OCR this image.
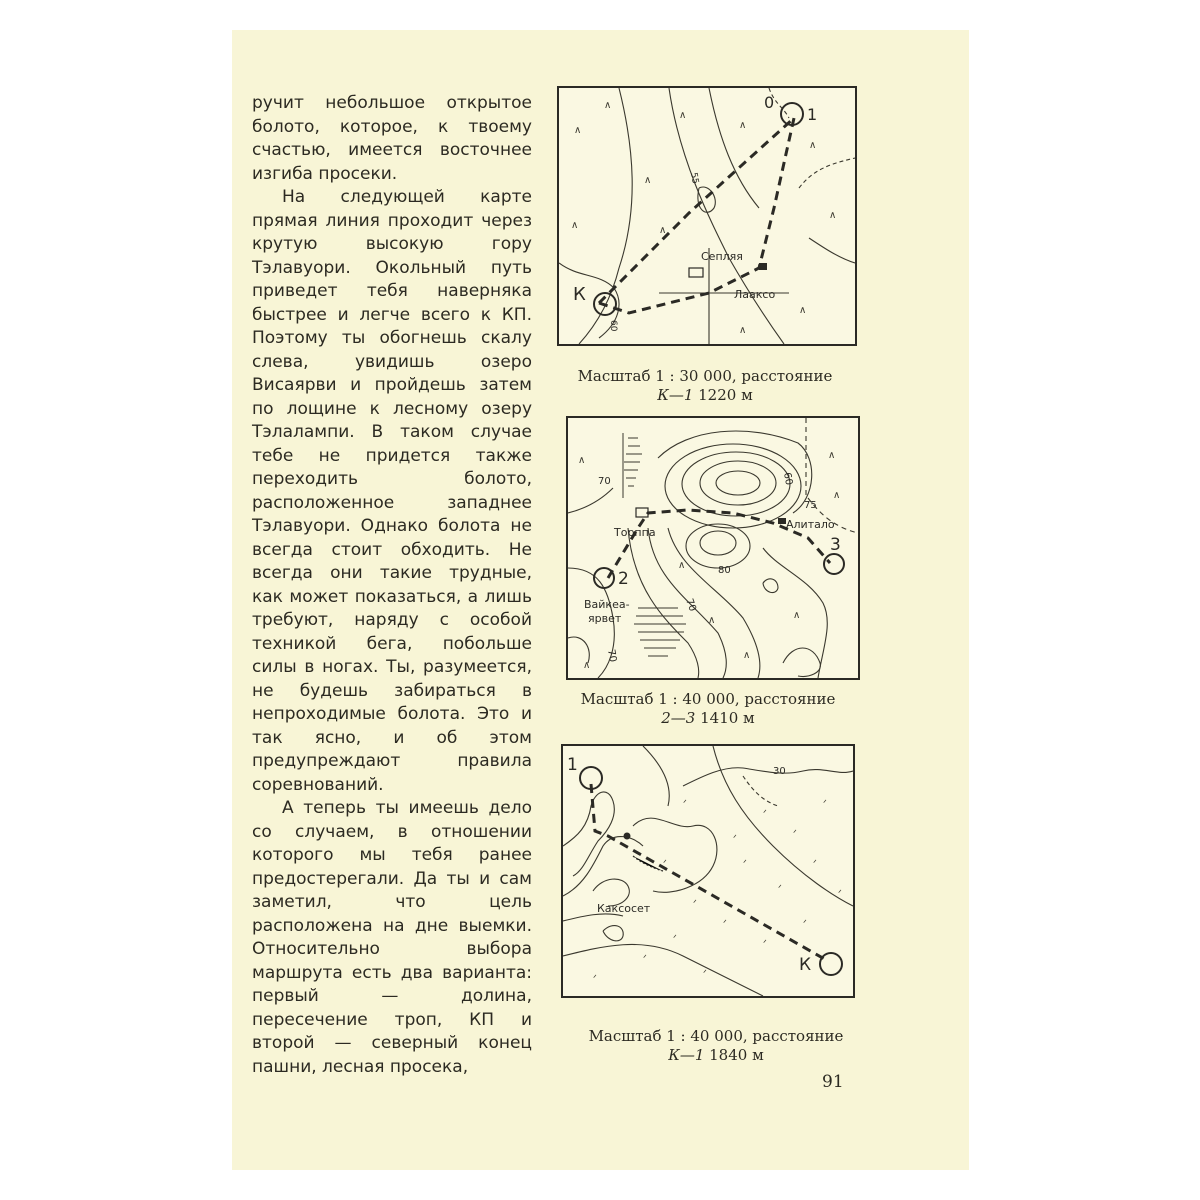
ручит небольшое открытое болото, которое, к твоему счастью, имеется восточнее изгиба просеки.

На следующей карте прямая линия проходит через крутую высокую гору Тэлавуори. Окольный путь приведет тебя наверняка быстрее и легче всего к КП. Поэтому ты обогнешь скалу слева, увидишь озеро Висаярви и пройдешь затем по лощине к лесному озеру Тэлалампи. В таком случае тебе не придется также переходить болото, расположенное западнее Тэлавуори. Однако болота не всегда стоит обходить. Не всегда они такие трудные, как может показаться, а лишь требуют, наряду с особой техникой бега, побольше силы в ногах. Ты, разумеется, не будешь забираться в непроходимые болота. Это и так ясно, и об этом предупреждают правила соревнований.

А теперь ты имеешь дело со случаем, в отношении которого мы тебя ранее предостерегали. Да ты и сам заметил, что цель расположена на дне выемки. Относительно выбора маршрута есть два варианта: первый — долина, пересечение троп, КП и второй — северный конец пашни, лесная просека,

∧
∧
∧
∧
∧
∧
∧
∧
∧
∧
∧
0
1
К
Сепляя
Лааксо
55
60
Масштаб 1 : 30 000, расстояние
К—1 1220 м
∧	∧
∧
∧
∧
∧
∧
∧
2
3
Торппа
Алитало
Вайкеа-
ярвет
70
70
70
80
60
75
Масштаб 1 : 40 000, расстояние
2—3 1410 м
ᐟ
ᐟ
ᐟ
ᐟ
ᐟ
ᐟ
ᐟ
ᐟ
ᐟ
ᐟ
ᐟ
ᐟ
ᐟ
ᐟ
ᐟ
ᐟ
ᐟ
ᐟ
1
К
Каксосет
30
Масштаб 1 : 40 000, расстояние
К—1 1840 м
91
